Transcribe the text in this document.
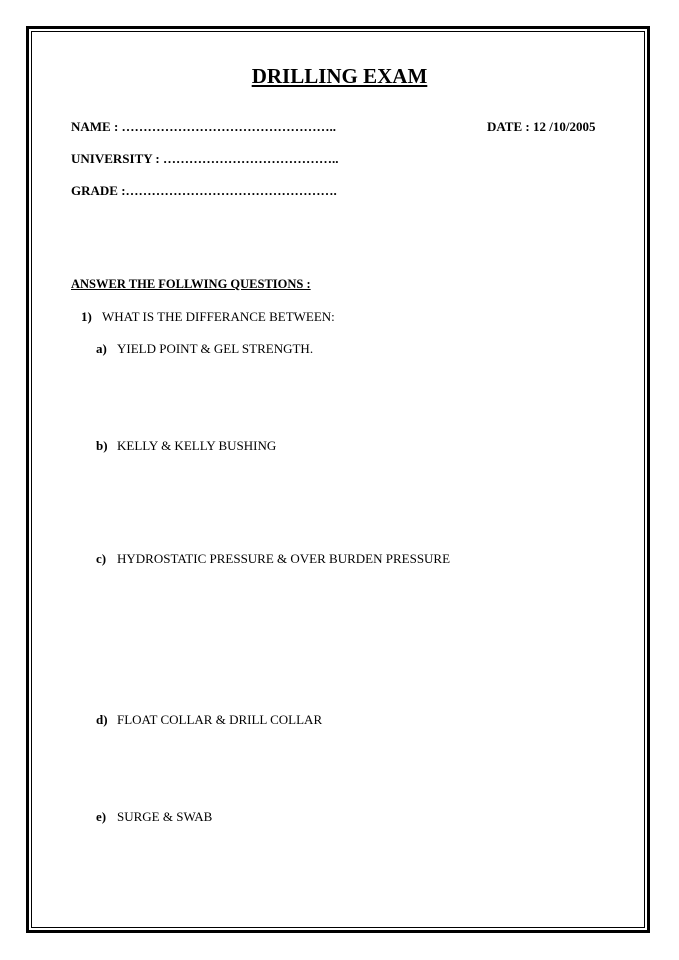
DRILLING EXAM
NAME : …………………………………………..	DATE : 12 /10/2005
UNIVERSITY : …………………………………..
GRADE :………………………………………….
ANSWER THE FOLLWING QUESTIONS :
1) WHAT IS THE DIFFERANCE BETWEEN:
a) YIELD POINT & GEL STRENGTH.
b) KELLY & KELLY BUSHING
c) HYDROSTATIC PRESSURE & OVER BURDEN PRESSURE
d) FLOAT COLLAR & DRILL COLLAR
e) SURGE & SWAB
